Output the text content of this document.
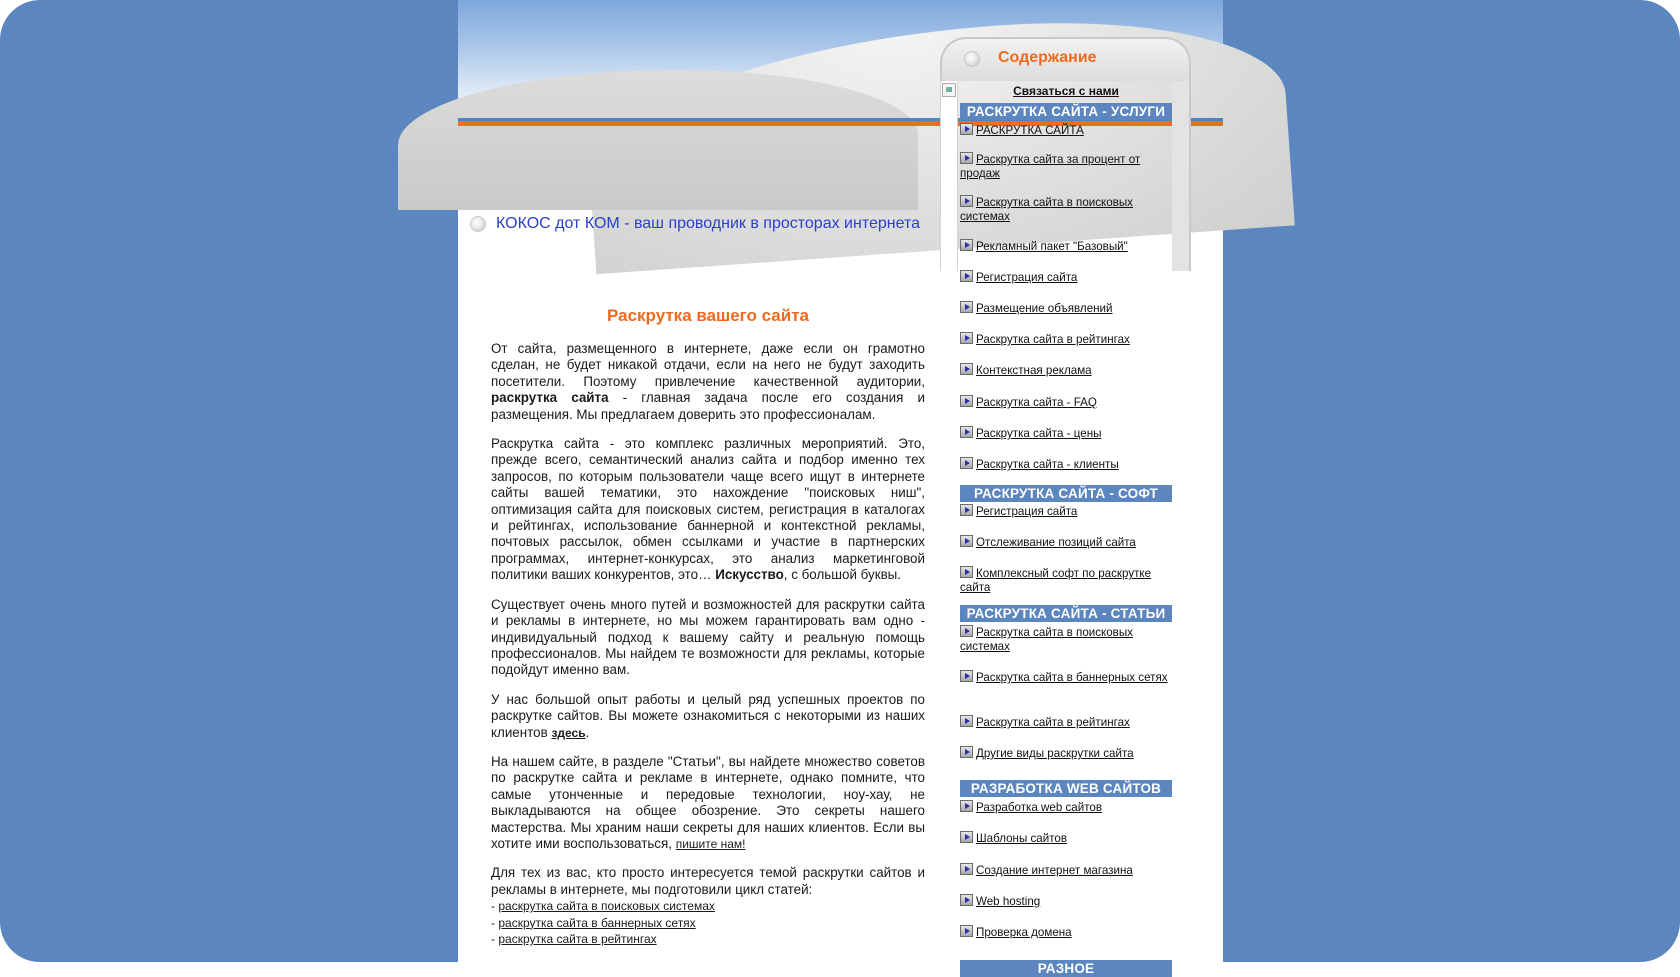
КОКОС дот КОМ - ваш проводник в просторах интернета
Раскрутка вашего сайта

От сайта, размещенного в интернете, даже если он грамотно сделан, не будет никакой отдачи, если на него не будут заходить посетители. Поэтому привлечение качественной аудитории, раскрутка сайта - главная задача после его создания и размещения. Мы предлагаем доверить это профессионалам.

Раскрутка сайта - это комплекс различных мероприятий. Это, прежде всего, семантический анализ сайта и подбор именно тех запросов, по которым пользователи чаще всего ищут в интернете сайты вашей тематики, это нахождение "поисковых ниш", оптимизация сайта для поисковых систем, регистрация в каталогах и рейтингах, использование баннерной и контекстной рекламы, почтовых рассылок, обмен ссылками и участие в партнерских программах, интернет-конкурсах, это анализ маркетинговой политики ваших конкурентов, это… Искусство, с большой буквы.

Существует очень много путей и возможностей для раскрутки сайта и рекламы в интернете, но мы можем гарантировать вам одно - индивидуальный подход к вашему сайту и реальную помощь профессионалов. Мы найдем те возможности для рекламы, которые подойдут именно вам.

У нас большой опыт работы и целый ряд успешных проектов по раскрутке сайтов. Вы можете ознакомиться с некоторыми из наших клиентов здесь.

На нашем сайте, в разделе "Статьи", вы найдете множество советов по раскрутке сайта и рекламе в интернете, однако помните, что самые утонченные и передовые технологии, ноу-хау, не выкладываются на общее обозрение. Это секреты нашего мастерства. Мы храним наши секреты для наших клиентов. Если вы хотите ими воспользоваться, пишите нам!

Для тех из вас, кто просто интересуется темой раскрутки сайтов и рекламы в интернете, мы подготовили цикл статей:

- раскрутка сайта в поисковых системах
- раскрутка сайта в баннерных сетях
- раскрутка сайта в рейтингах
Содержание
Связаться с нами
РАСКРУТКА САЙТА - УСЛУГИ
РАСКРУТКА САЙТА
Раскрутка сайта за процент от продаж
Раскрутка сайта в поисковых системах
Рекламный пакет "Базовый"
Регистрация сайта
Размещение объявлений
Раскрутка сайта в рейтингах
Контекстная реклама
Раскрутка сайта - FAQ
Раскрутка сайта - цены
Раскрутка сайта - клиенты
РАСКРУТКА САЙТА - СОФТ
Регистрация сайта
Отслеживание позиций сайта
Комплексный софт по раскрутке сайта
РАСКРУТКА САЙТА - СТАТЬИ
Раскрутка сайта в поисковых системах
Раскрутка сайта в баннерных сетях
Раскрутка сайта в рейтингах
Другие виды раскрутки сайта
РАЗРАБОТКА WEB САЙТОВ
Разработка web сайтов
Шаблоны сайтов
Создание интернет магазина
Web hosting
Проверка домена
РАЗНОЕ
